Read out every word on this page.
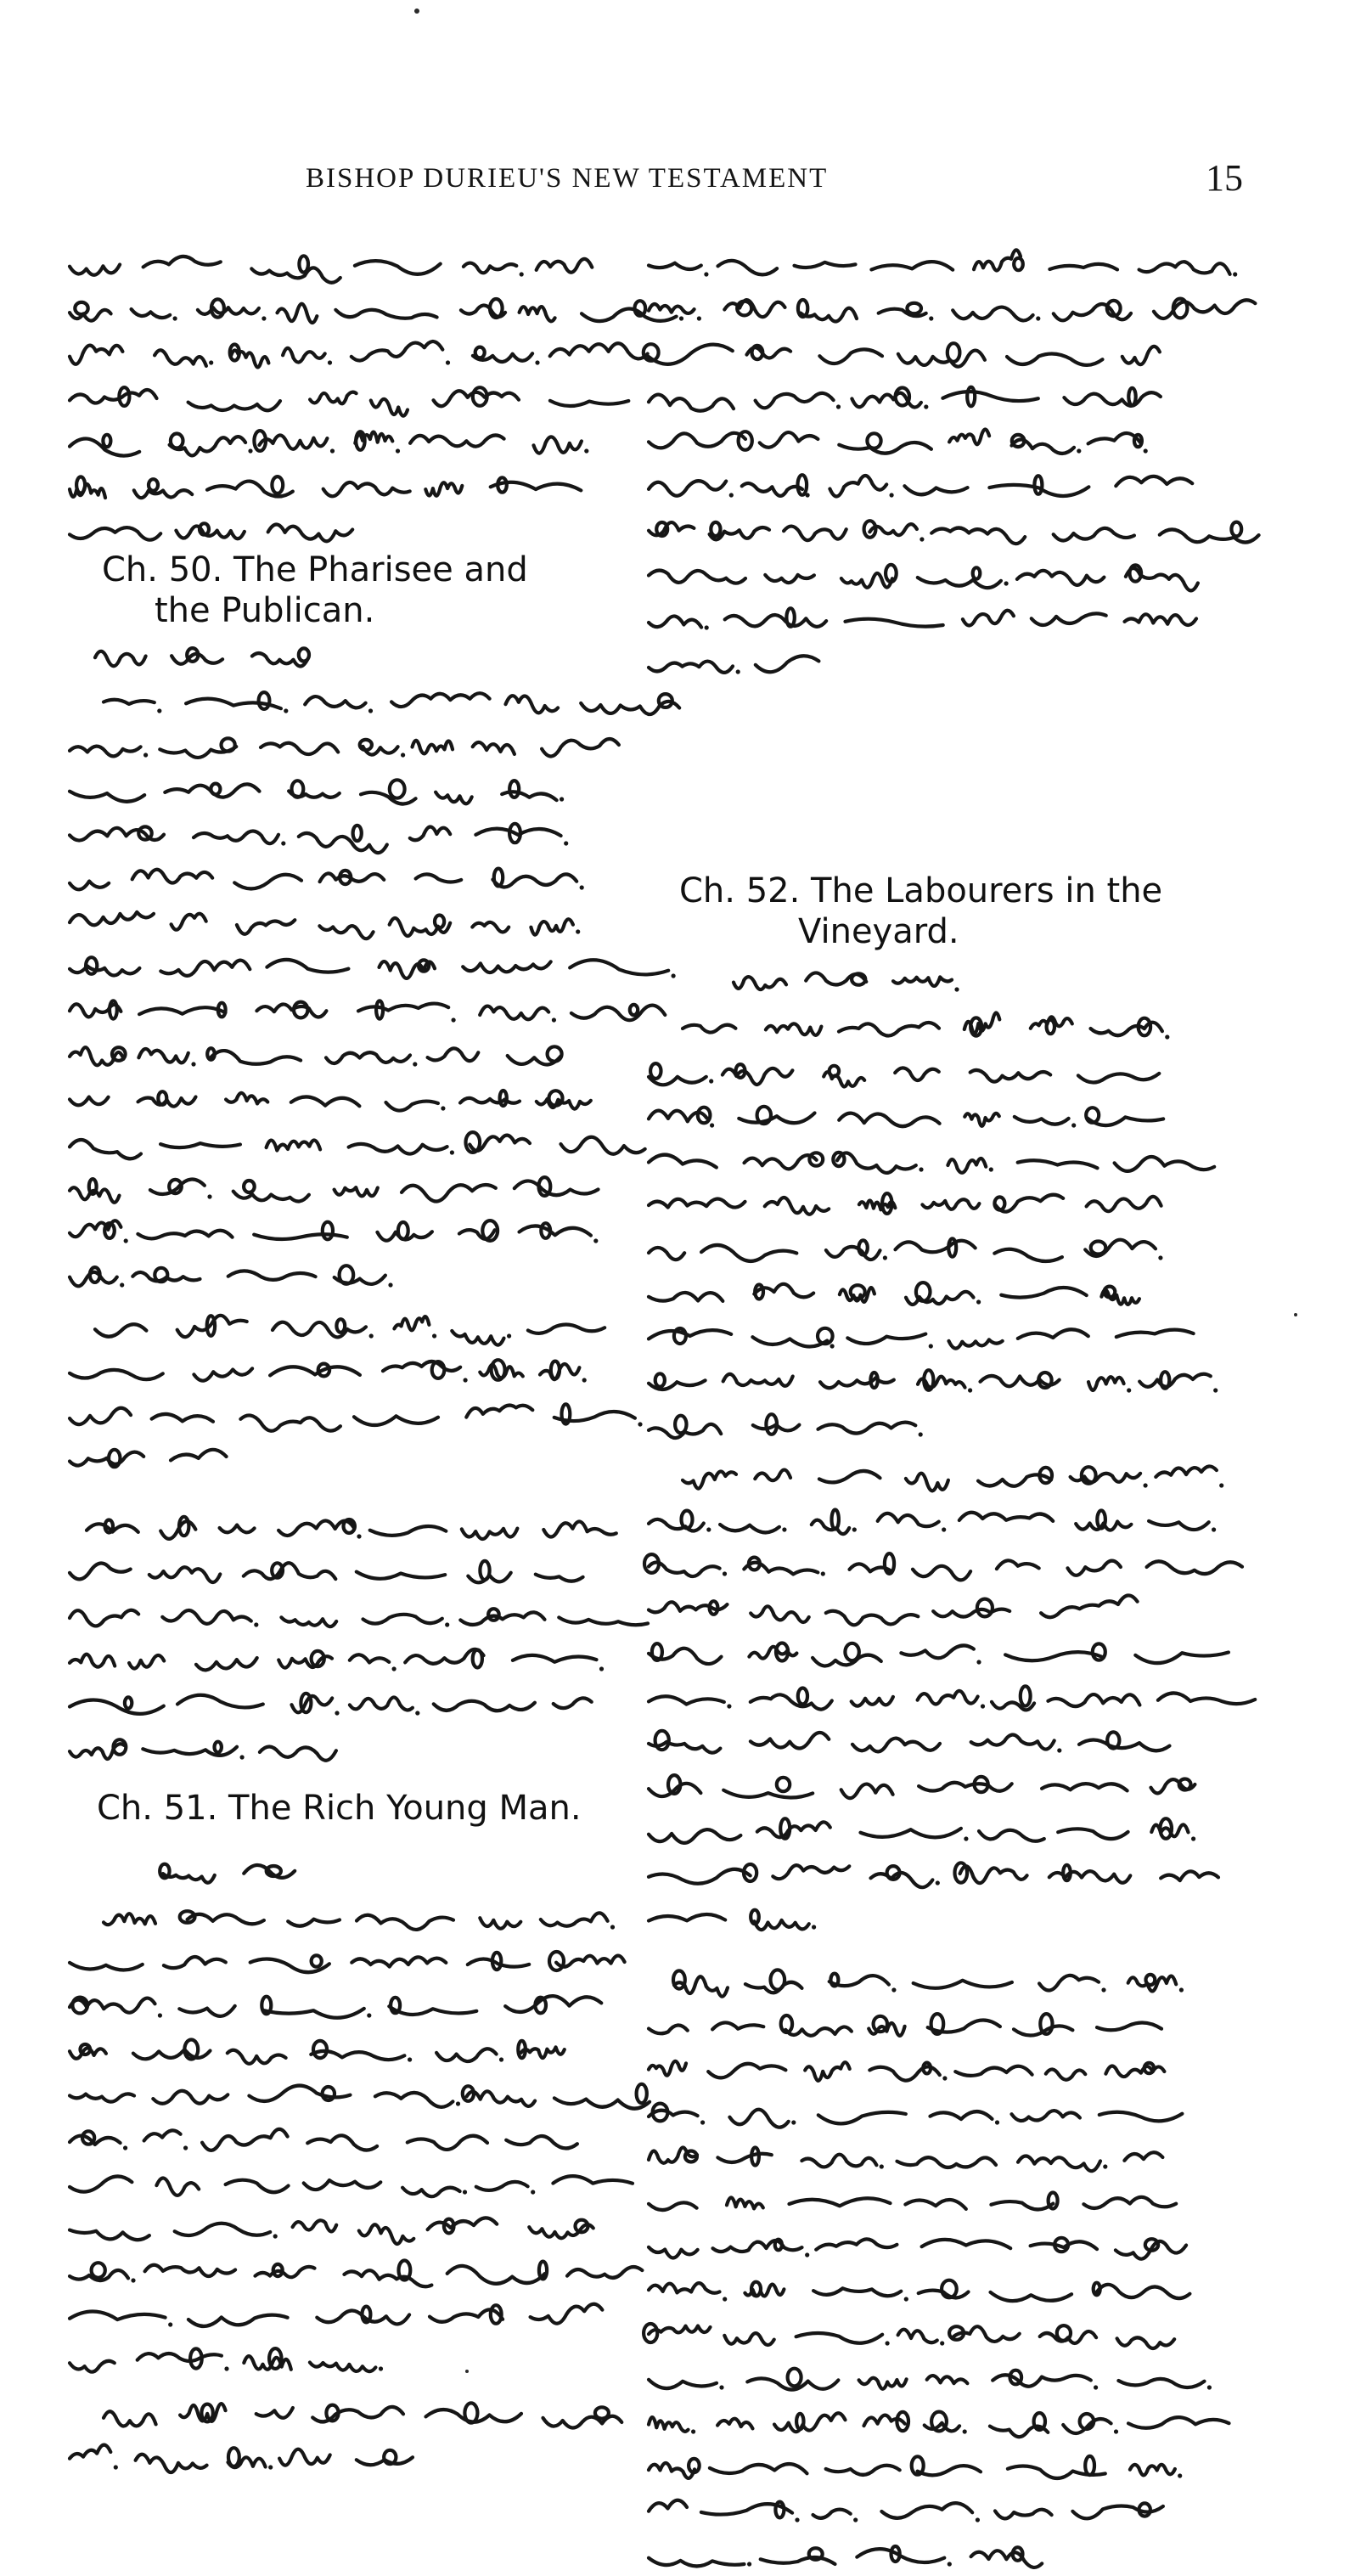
BISHOP DURIEU'S NEW TESTAMENT	15
Ch. 50. The Pharisee and
the Publican.
Ch. 51. The Rich Young Man.
Ch. 52. The Labourers in the
Vineyard.
